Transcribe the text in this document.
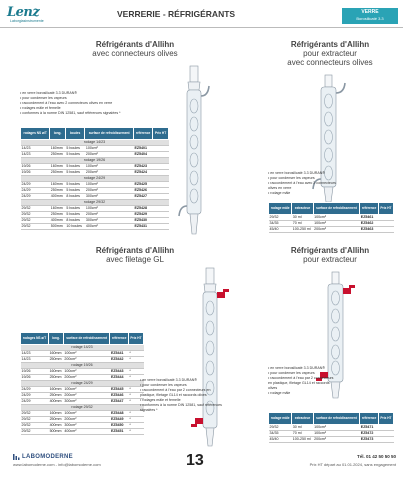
Lenz
Laborglasinstrumente
VERRERIE - RÉFRIGÉRANTS	VERRE
Borosilicaté 3.3
Réfrigérants d'Allihn
avec connecteurs olives
• en verre borosilicaté 3.3 DURAN®
• pour condenser les vapeurs
• raccordement à l'eau avec 2 connecteurs olives en verre
• rodages mâle et femelle
• conformes à la norme DIN 12581, sauf références signalées *
rodages NS ø/T	long.	boules	surface de refroidissement	référence	Prix HT
rodage 14/23					
14/23	160mm	5 boules	100cm²	EZ5401	
14/23	250mm	5 boules	200cm²	EZ5404	
rodage 19/26					
19/26	160mm	5 boules	100cm²	EZ5423	
19/26	250mm	5 boules	200cm²	EZ5424	
rodage 24/29					
24/29	160mm	5 boules	100cm²	EZ5425	
24/29	250mm	5 boules	200cm²	EZ5426	
24/29	400mm	8 boules	300cm²	EZ5427	
rodage 29/32					
29/32	160mm	5 boules	100cm²	EZ5428	
29/32	250mm	5 boules	200cm²	EZ5429	
29/32	400mm	8 boules	300cm²	EZ5430	
29/32	500mm	10 boules	400cm²	EZ5431	
Réfrigérants d'Allihn
pour extracteur
avec connecteurs olives
• en verre borosilicaté 3.3 DURAN®
• pour condenser les vapeurs
• raccordement à l'eau avec 2 connecteurs olives en verre
• rodage mâle
rodage mâle	extracteur	surface de refroidissement	référence	Prix HT
29/32	30 ml	100cm²	EZ5461	
34/35	70 ml	100cm²	EZ5462	
45/40	100-250 ml	200cm²	EZ5463	
Réfrigérants d'Allihn
avec filetage GL
rodages NS ø/T	long.	surface de refroidissement	référence	Prix HT
rodage 14/23				
14/23	160mm	100cm²	EZ5441	*
14/23	250mm	200cm²	EZ5442	*
rodage 19/26				
19/26	160mm	100cm²	EZ5443	*
19/26	250mm	200cm²	EZ5444	*
rodage 24/29				
24/29	160mm	100cm²	EZ5445	*
24/29	250mm	200cm²	EZ5446	*
24/29	400mm	300cm²	EZ5447	*
rodage 29/32				
29/32	160mm	100cm²	EZ5448	*
29/32	250mm	200cm²	EZ5449	*
29/32	400mm	300cm²	EZ5450	*
29/32	500mm	400cm²	EZ5451	*
• en verre borosilicaté 3.3 DURAN®
• pour condenser les vapeurs
• raccordement à l'eau par 2 connecteurs en plastique, filetage GL14 et raccords olives
• rodages mâle et femelle
• conformes à la norme DIN 12581, sauf références signalées *
Réfrigérants d'Allihn
pour extracteur
• en verre borosilicaté 3.3 DURAN®
• pour condenser les vapeurs
• raccordement à l'eau par 2 connecteurs en plastique, filetage GL14 et raccords olives
• rodage mâle
rodage mâle	extracteur	surface de refroidissement	référence	Prix HT
29/32	30 ml	100cm²	EZ5471	
34/35	70 ml	100cm²	EZ5472	
45/40	100-250 ml	200cm²	EZ5473	
LABOMODERNE
www.labomoderne.com - info@labomoderne.com	13	Tél. 01 42 50 50 50
Prix HT départ au 01.01.2024, sans engagement
